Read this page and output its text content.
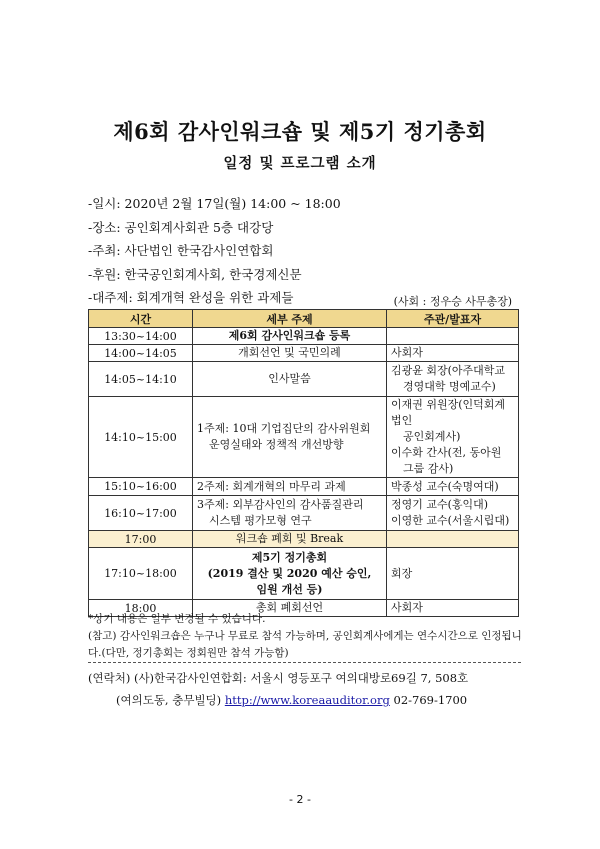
제6회 감사인워크숍 및 제5기 정기총회
일정 및 프로그램 소개
-일시: 2020년 2월 17일(월) 14:00 ~ 18:00
-장소: 공인회계사회관 5층 대강당
-주최: 사단법인 한국감사인연합회
-후원: 한국공인회계사회, 한국경제신문
-대주제: 회계개혁 완성을 위한 과제들	(사회 : 정우승 사무총장)
시간	세부 주제	주관/발표자
13:30~14:00	제6회 감사인워크숍 등록	

14:00~14:05	개회선언 및 국민의례	사회자

14:05~14:10	인사말씀	김광윤 회장(아주대학교
경영대학 명예교수)

14:10~15:00	1주제: 10대 기업집단의 감사위원회
운영실태와 정책적 개선방향	이재권 위원장(인덕회계법인
공인회계사)
이수화 간사(전, 동아원
그룹 감사)

15:10~16:00	2주제: 회계개혁의 마무리 과제	박종성 교수(숙명여대)

16:10~17:00	3주제: 외부감사인의 감사품질관리
시스템 평가모형 연구	정영기 교수(홍익대)
이영한 교수(서울시립대)

17:00	워크숍 폐회 및 Break	

17:10~18:00	제5기 정기총회
(2019 결산 및 2020 예산 승인,
임원 개선 등)	회장

18:00	총회 폐회선언	사회자
*상기 내용은 일부 변경될 수 있습니다.
(참고) 감사인워크숍은 누구나 무료로 참석 가능하며, 공인회계사에게는 연수시간으로 인정됩니다.(다만, 정기총회는 정회원만 참석 가능함)
(연락처) (사)한국감사인연합회: 서울시 영등포구 여의대방로69길 7, 508호
(여의도동, 충무빌딩) http://www.koreaauditor.org 02-769-1700
- 2 -
